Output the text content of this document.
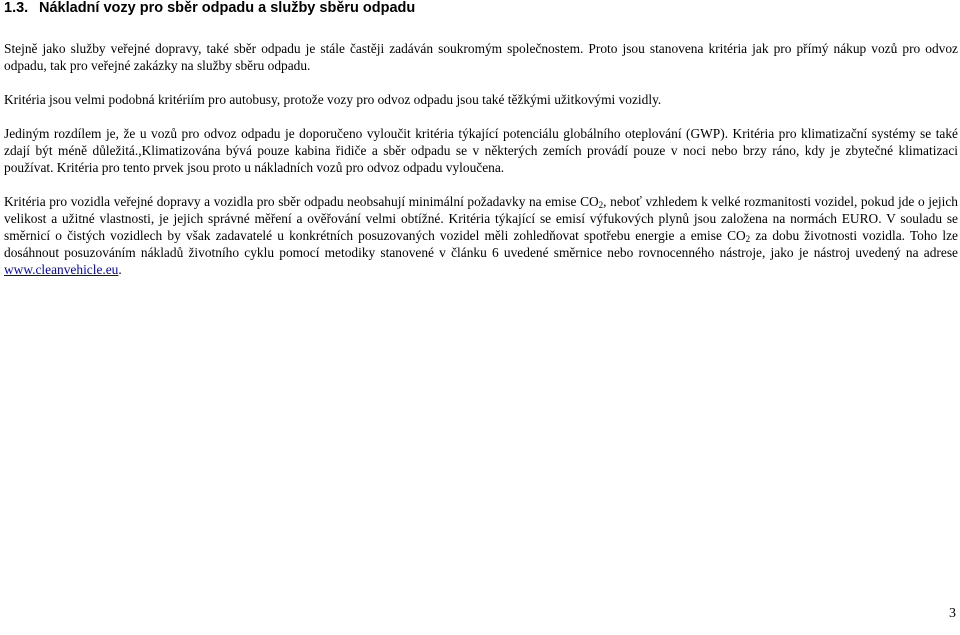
1.3. Nákladní vozy pro sběr odpadu a služby sběru odpadu

Stejně jako služby veřejné dopravy, také sběr odpadu je stále častěji zadáván soukromým společnostem. Proto jsou stanovena kritéria jak pro přímý nákup vozů pro odvoz odpadu, tak pro veřejné zakázky na služby sběru odpadu.

Kritéria jsou velmi podobná kritériím pro autobusy, protože vozy pro odvoz odpadu jsou také těžkými užitkovými vozidly.

Jediným rozdílem je, že u vozů pro odvoz odpadu je doporučeno vyloučit kritéria týkající potenciálu globálního oteplování (GWP). Kritéria pro klimatizační systémy se také zdají být méně důležitá.,Klimatizována bývá pouze kabina řidiče a sběr odpadu se v některých zemích provádí pouze v noci nebo brzy ráno, kdy je zbytečné klimatizaci používat. Kritéria pro tento prvek jsou proto u nákladních vozů pro odvoz odpadu vyloučena.

Kritéria pro vozidla veřejné dopravy a vozidla pro sběr odpadu neobsahují minimální požadavky na emise $CO_2$, neboť vzhledem k velké rozmanitosti vozidel, pokud jde o jejich velikost a užitné vlastnosti, je jejich správné měření a ověřování velmi obtížné. Kritéria týkající se emisí výfukových plynů jsou založena na normách EURO. V souladu se směrnicí o čistých vozidlech by však zadavatelé u konkrétních posuzovaných vozidel měli zohledňovat spotřebu energie a emise $CO_2$ za dobu životnosti vozidla. Toho lze dosáhnout posuzováním nákladů životního cyklu pomocí metodiky stanovené v článku 6 uvedené směrnice nebo rovnocenného nástroje, jako je nástroj uvedený na adrese www.cleanvehicle.eu.

3
